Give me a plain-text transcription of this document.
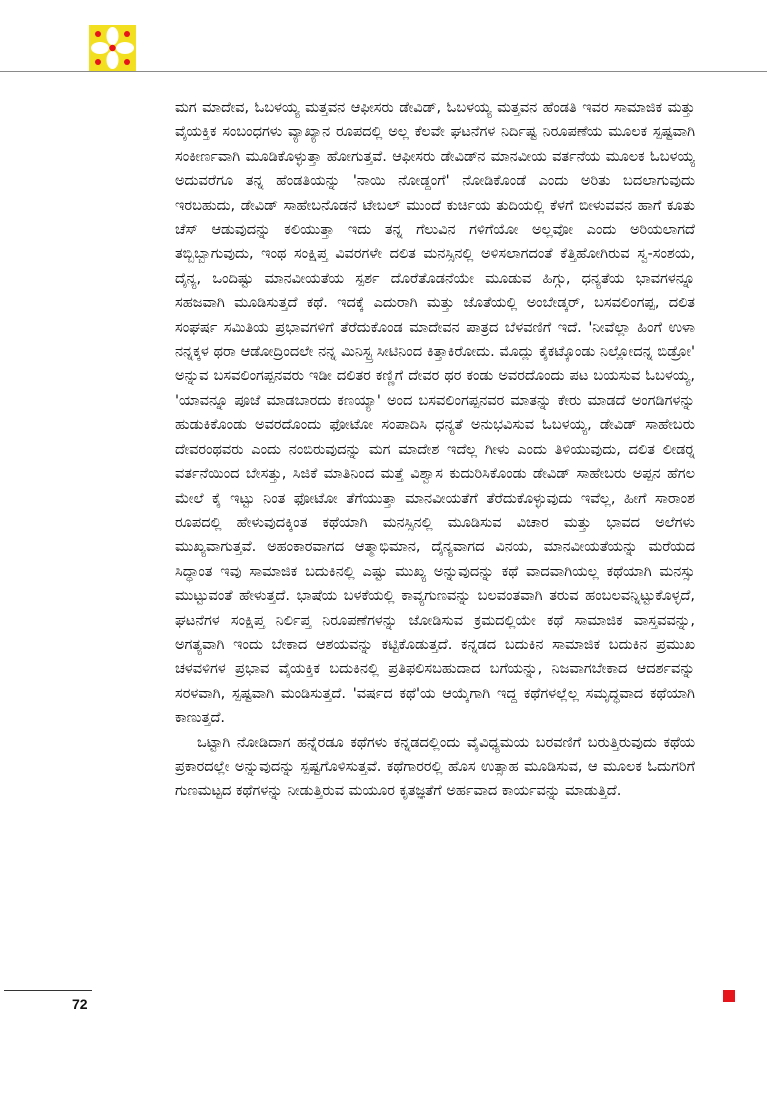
ಮಗ ಮಾದೇವ, ಓಬಳಯ್ಯ ಮತ್ತವನ ಆಫೀಸರು ಡೇವಿಡ್, ಓಬಳಯ್ಯ ಮತ್ತವನ ಹೆಂಡತಿ ಇವರ ಸಾಮಾಜಿಕ ಮತ್ತು ವೈಯಕ್ತಿಕ ಸಂಬಂಧಗಳು ವ್ಯಾಖ್ಯಾನ ರೂಪದಲ್ಲಿ ಅಲ್ಲ ಕೆಲವೇ ಘಟನೆಗಳ ನಿರ್ದಿಷ್ಟ ನಿರೂಪಣೆಯ ಮೂಲಕ ಸ್ಪಷ್ಟವಾಗಿ ಸಂಕೀರ್ಣವಾಗಿ ಮೂಡಿಕೊಳ್ಳುತ್ತಾ ಹೋಗುತ್ತವೆ. ಆಫೀಸರು ಡೇವಿಡ್‍ನ ಮಾನವೀಯ ವರ್ತನೆಯ ಮೂಲಕ ಓಬಳಯ್ಯ ಅದುವರೆಗೂ ತನ್ನ ಹೆಂಡತಿಯನ್ನು 'ನಾಯಿ ನೋಡ್ದಂಗೆ' ನೋಡಿಕೊಂಡೆ ಎಂದು ಅರಿತು ಬದಲಾಗುವುದು ಇರಬಹುದು, ಡೇವಿಡ್ ಸಾಹೇಬನೊಡನೆ ಟೇಬಲ್ ಮುಂದೆ ಕುರ್ಚಿಯ ತುದಿಯಲ್ಲಿ ಕೆಳಗೆ ಬೀಳುವವನ ಹಾಗೆ ಕೂತು ಚೆಸ್ ಆಡುವುದನ್ನು ಕಲಿಯುತ್ತಾ ಇದು ತನ್ನ ಗೆಲುವಿನ ಗಳಿಗೆಯೋ ಅಲ್ಲವೋ ಎಂದು ಅರಿಯಲಾಗದೆ ತಬ್ಬಿಬ್ಬಾಗುವುದು, ಇಂಥ ಸಂಕ್ಷಿಪ್ತ ವಿವರಗಳೇ ದಲಿತ ಮನಸ್ಸಿನಲ್ಲಿ ಅಳಿಸಲಾಗದಂತೆ ಕೆತ್ತಿಹೋಗಿರುವ ಸ್ವ-ಸಂಶಯ, ದೈನ್ಯ, ಒಂದಿಷ್ಟು ಮಾನವೀಯತೆಯ ಸ್ಪರ್ಶ ದೊರೆತೊಡನೆಯೇ ಮೂಡುವ ಹಿಗ್ಗು, ಧನ್ಯತೆಯ ಭಾವಗಳನ್ನೂ ಸಹಜವಾಗಿ ಮೂಡಿಸುತ್ತದೆ ಕಥೆ. ಇದಕ್ಕೆ ಎದುರಾಗಿ ಮತ್ತು ಜೊತೆಯಲ್ಲಿ ಅಂಬೇಡ್ಕರ್, ಬಸವಲಿಂಗಪ್ಪ, ದಲಿತ ಸಂಘರ್ಷ ಸಮಿತಿಯ ಪ್ರಭಾವಗಳಿಗೆ ತೆರೆದುಕೊಂಡ ಮಾದೇವನ ಪಾತ್ರದ ಬೆಳವಣಿಗೆ ಇದೆ. 'ನೀವೆಲ್ಲಾ ಹಿಂಗೆ ಉಳಾ ನನ್ನಕ್ಕಳ ಥರಾ ಆಡೋದ್ರಿಂದಲೇ ನನ್ನ ಮಿನಿಸ್ಟ್ರ ಸೀಟಿನಿಂದ ಕಿತ್ತಾಕಿರೋದು. ಮೊದ್ಲು ಕೈಕಟ್ಕೊಂಡು ನಿಲ್ಲೋದನ್ನ ಬಿಡ್ರೋ' ಅನ್ನುವ ಬಸವಲಿಂಗಪ್ಪನವರು ಇಡೀ ದಲಿತರ ಕಣ್ಣಿಗೆ ದೇವರ ಥರ ಕಂಡು ಅವರದೊಂದು ಪಟ ಬಯಸುವ ಓಬಳಯ್ಯ, 'ಯಾವನ್ನೂ ಪೂಜೆ ಮಾಡಬಾರದು ಕಣಯ್ಯಾ' ಅಂದ ಬಸವಲಿಂಗಪ್ಪನವರ ಮಾತನ್ನು ಕೇರು ಮಾಡದೆ ಅಂಗಡಿಗಳನ್ನು ಹುಡುಕಿಕೊಂಡು ಅವರದೊಂದು ಫೋಟೋ ಸಂಪಾದಿಸಿ ಧನ್ಯತೆ ಅನುಭವಿಸುವ ಓಬಳಯ್ಯ, ಡೇವಿಡ್ ಸಾಹೇಬರು ದೇವರಂಥವರು ಎಂದು ನಂಬಿರುವುದನ್ನು ಮಗ ಮಾದೇಶ ಇದೆಲ್ಲ ಗೀಳು ಎಂದು ತಿಳಿಯುವುದು, ದಲಿತ ಲೀಡರ್‍ನ ವರ್ತನೆಯಿಂದ ಬೇಸತ್ತು, ಸಿಜಿಕೆ ಮಾತಿನಿಂದ ಮತ್ತೆ ವಿಶ್ವಾಸ ಕುದುರಿಸಿಕೊಂಡು ಡೇವಿಡ್ ಸಾಹೇಬರು ಅಪ್ಪನ ಹೆಗಲ ಮೇಲೆ ಕೈ ಇಟ್ಟು ನಿಂತ ಫೋಟೋ ತೆಗೆಯುತ್ತಾ ಮಾನವೀಯತೆಗೆ ತೆರೆದುಕೊಳ್ಳುವುದು ಇವೆಲ್ಲ, ಹೀಗೆ ಸಾರಾಂಶ ರೂಪದಲ್ಲಿ ಹೇಳುವುದಕ್ಕಿಂತ ಕಥೆಯಾಗಿ ಮನಸ್ಸಿನಲ್ಲಿ ಮೂಡಿಸುವ ವಿಚಾರ ಮತ್ತು ಭಾವದ ಅಲೆಗಳು ಮುಖ್ಯವಾಗುತ್ತವೆ. ಅಹಂಕಾರವಾಗದ ಆತ್ಮಾಭಿಮಾನ, ದೈನ್ಯವಾಗದ ವಿನಯ, ಮಾನವೀಯತೆಯನ್ನು ಮರೆಯದ ಸಿದ್ಧಾಂತ ಇವು ಸಾಮಾಜಿಕ ಬದುಕಿನಲ್ಲಿ ಎಷ್ಟು ಮುಖ್ಯ ಅನ್ನುವುದನ್ನು ಕಥೆ ವಾದವಾಗಿಯಲ್ಲ ಕಥೆಯಾಗಿ ಮನಸ್ಸು ಮುಟ್ಟುವಂತೆ ಹೇಳುತ್ತದೆ. ಭಾಷೆಯ ಬಳಕೆಯಲ್ಲಿ ಕಾವ್ಯಗುಣವನ್ನು ಬಲವಂತವಾಗಿ ತರುವ ಹಂಬಲವನ್ನಿಟ್ಟುಕೊಳ್ಳದೆ, ಘಟನೆಗಳ ಸಂಕ್ಷಿಪ್ತ ನಿರ್ಲಿಪ್ತ ನಿರೂಪಣೆಗಳನ್ನು ಜೋಡಿಸುವ ಕ್ರಮದಲ್ಲಿಯೇ ಕಥೆ ಸಾಮಾಜಿಕ ವಾಸ್ತವವನ್ನು, ಅಗತ್ಯವಾಗಿ ಇಂದು ಬೇಕಾದ ಆಶಯವನ್ನು ಕಟ್ಟಿಕೊಡುತ್ತದೆ. ಕನ್ನಡದ ಬದುಕಿನ ಸಾಮಾಜಿಕ ಬದುಕಿನ ಪ್ರಮುಖ ಚಳವಳಿಗಳ ಪ್ರಭಾವ ವೈಯಕ್ತಿಕ ಬದುಕಿನಲ್ಲಿ ಪ್ರತಿಫಲಿಸಬಹುದಾದ ಬಗೆಯನ್ನು, ನಿಜವಾಗಬೇಕಾದ ಆದರ್ಶವನ್ನು ಸರಳವಾಗಿ, ಸ್ಪಷ್ಟವಾಗಿ ಮಂಡಿಸುತ್ತದೆ. 'ವರ್ಷದ ಕಥೆ'ಯ ಆಯ್ಕೆಗಾಗಿ ಇದ್ದ ಕಥೆಗಳಲ್ಲೆಲ್ಲ ಸಮೃದ್ಧವಾದ ಕಥೆಯಾಗಿ ಕಾಣುತ್ತದೆ.

ಒಟ್ಟಾಗಿ ನೋಡಿದಾಗ ಹನ್ನೆರಡೂ ಕಥೆಗಳು ಕನ್ನಡದಲ್ಲಿಂದು ವೈವಿಧ್ಯಮಯ ಬರವಣಿಗೆ ಬರುತ್ತಿರುವುದು ಕಥೆಯ ಪ್ರಕಾರದಲ್ಲೇ ಅನ್ನುವುದನ್ನು ಸ್ಪಷ್ಟಗೊಳಿಸುತ್ತವೆ. ಕಥೆಗಾರರಲ್ಲಿ ಹೊಸ ಉತ್ಸಾಹ ಮೂಡಿಸುವ, ಆ ಮೂಲಕ ಓದುಗರಿಗೆ ಗುಣಮಟ್ಟದ ಕಥೆಗಳನ್ನು ನೀಡುತ್ತಿರುವ ಮಯೂರ ಕೃತಜ್ಞತೆಗೆ ಅರ್ಹವಾದ ಕಾರ್ಯವನ್ನು ಮಾಡುತ್ತಿದೆ.

72
